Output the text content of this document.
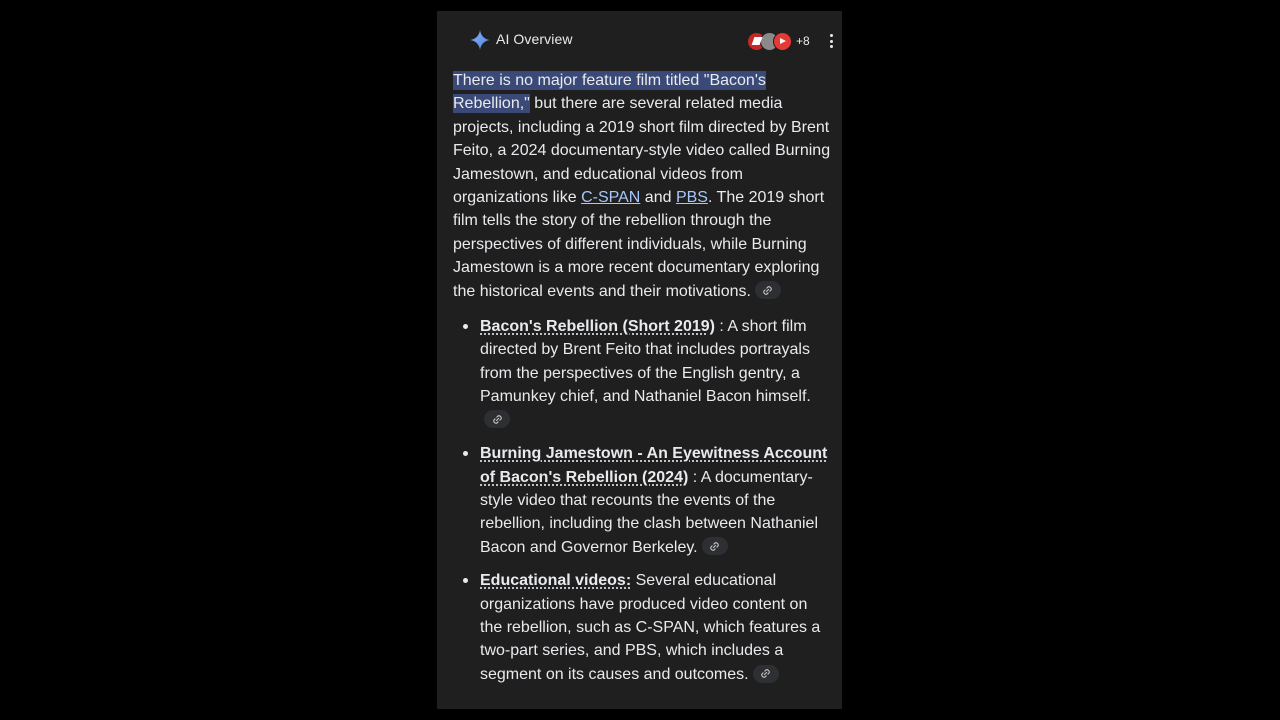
AI Overview	+8

There is no major feature film titled "Bacon's Rebellion," but there are several related media projects, including a 2019 short film directed by Brent Feito, a 2024 documentary-style video called Burning Jamestown, and educational videos from organizations like C-SPAN and PBS. The 2019 short film tells the story of the rebellion through the perspectives of different individuals, while Burning Jamestown is a more recent documentary exploring the historical events and their motivations.

Bacon's Rebellion (Short 2019) : A short film directed by Brent Feito that includes portrayals from the perspectives of the English gentry, a Pamunkey chief, and Nathaniel Bacon himself.
Burning Jamestown - An Eyewitness Account of Bacon's Rebellion (2024) : A documentary-style video that recounts the events of the rebellion, including the clash between Nathaniel Bacon and Governor Berkeley.
Educational videos: Several educational organizations have produced video content on the rebellion, such as C-SPAN, which features a two-part series, and PBS, which includes a segment on its causes and outcomes.
